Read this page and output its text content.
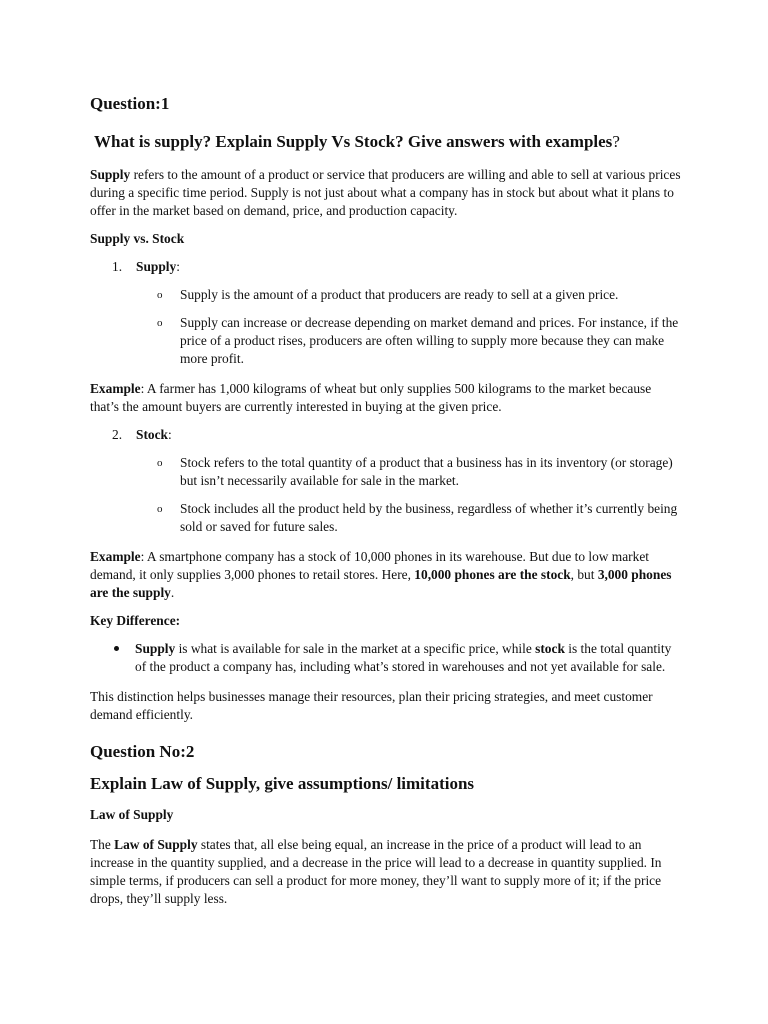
Question:1
What is supply? Explain Supply Vs Stock? Give answers with examples?

Supply refers to the amount of a product or service that producers are willing and able to sell at various prices during a specific time period. Supply is not just about what a company has in stock but about what it plans to offer in the market based on demand, price, and production capacity.

Supply vs. Stock

1.	Supply:
o Supply is the amount of a product that producers are ready to sell at a given price.
o Supply can increase or decrease depending on market demand and prices. For instance, if the price of a product rises, producers are often willing to supply more because they can make more profit.

Example: A farmer has 1,000 kilograms of wheat but only supplies 500 kilograms to the market because that’s the amount buyers are currently interested in buying at the given price.

2.	Stock:
o Stock refers to the total quantity of a product that a business has in its inventory (or storage) but isn’t necessarily available for sale in the market.
o Stock includes all the product held by the business, regardless of whether it’s currently being sold or saved for future sales.

Example: A smartphone company has a stock of 10,000 phones in its warehouse. But due to low market demand, it only supplies 3,000 phones to retail stores. Here, 10,000 phones are the stock, but 3,000 phones are the supply.

Key Difference:

Supply is what is available for sale in the market at a specific price, while stock is the total quantity of the product a company has, including what’s stored in warehouses and not yet available for sale.

This distinction helps businesses manage their resources, plan their pricing strategies, and meet customer demand efficiently.

Question No:2
Explain Law of Supply, give assumptions/ limitations

Law of Supply

The Law of Supply states that, all else being equal, an increase in the price of a product will lead to an increase in the quantity supplied, and a decrease in the price will lead to a decrease in quantity supplied. In simple terms, if producers can sell a product for more money, they’ll want to supply more of it; if the price drops, they’ll supply less.
